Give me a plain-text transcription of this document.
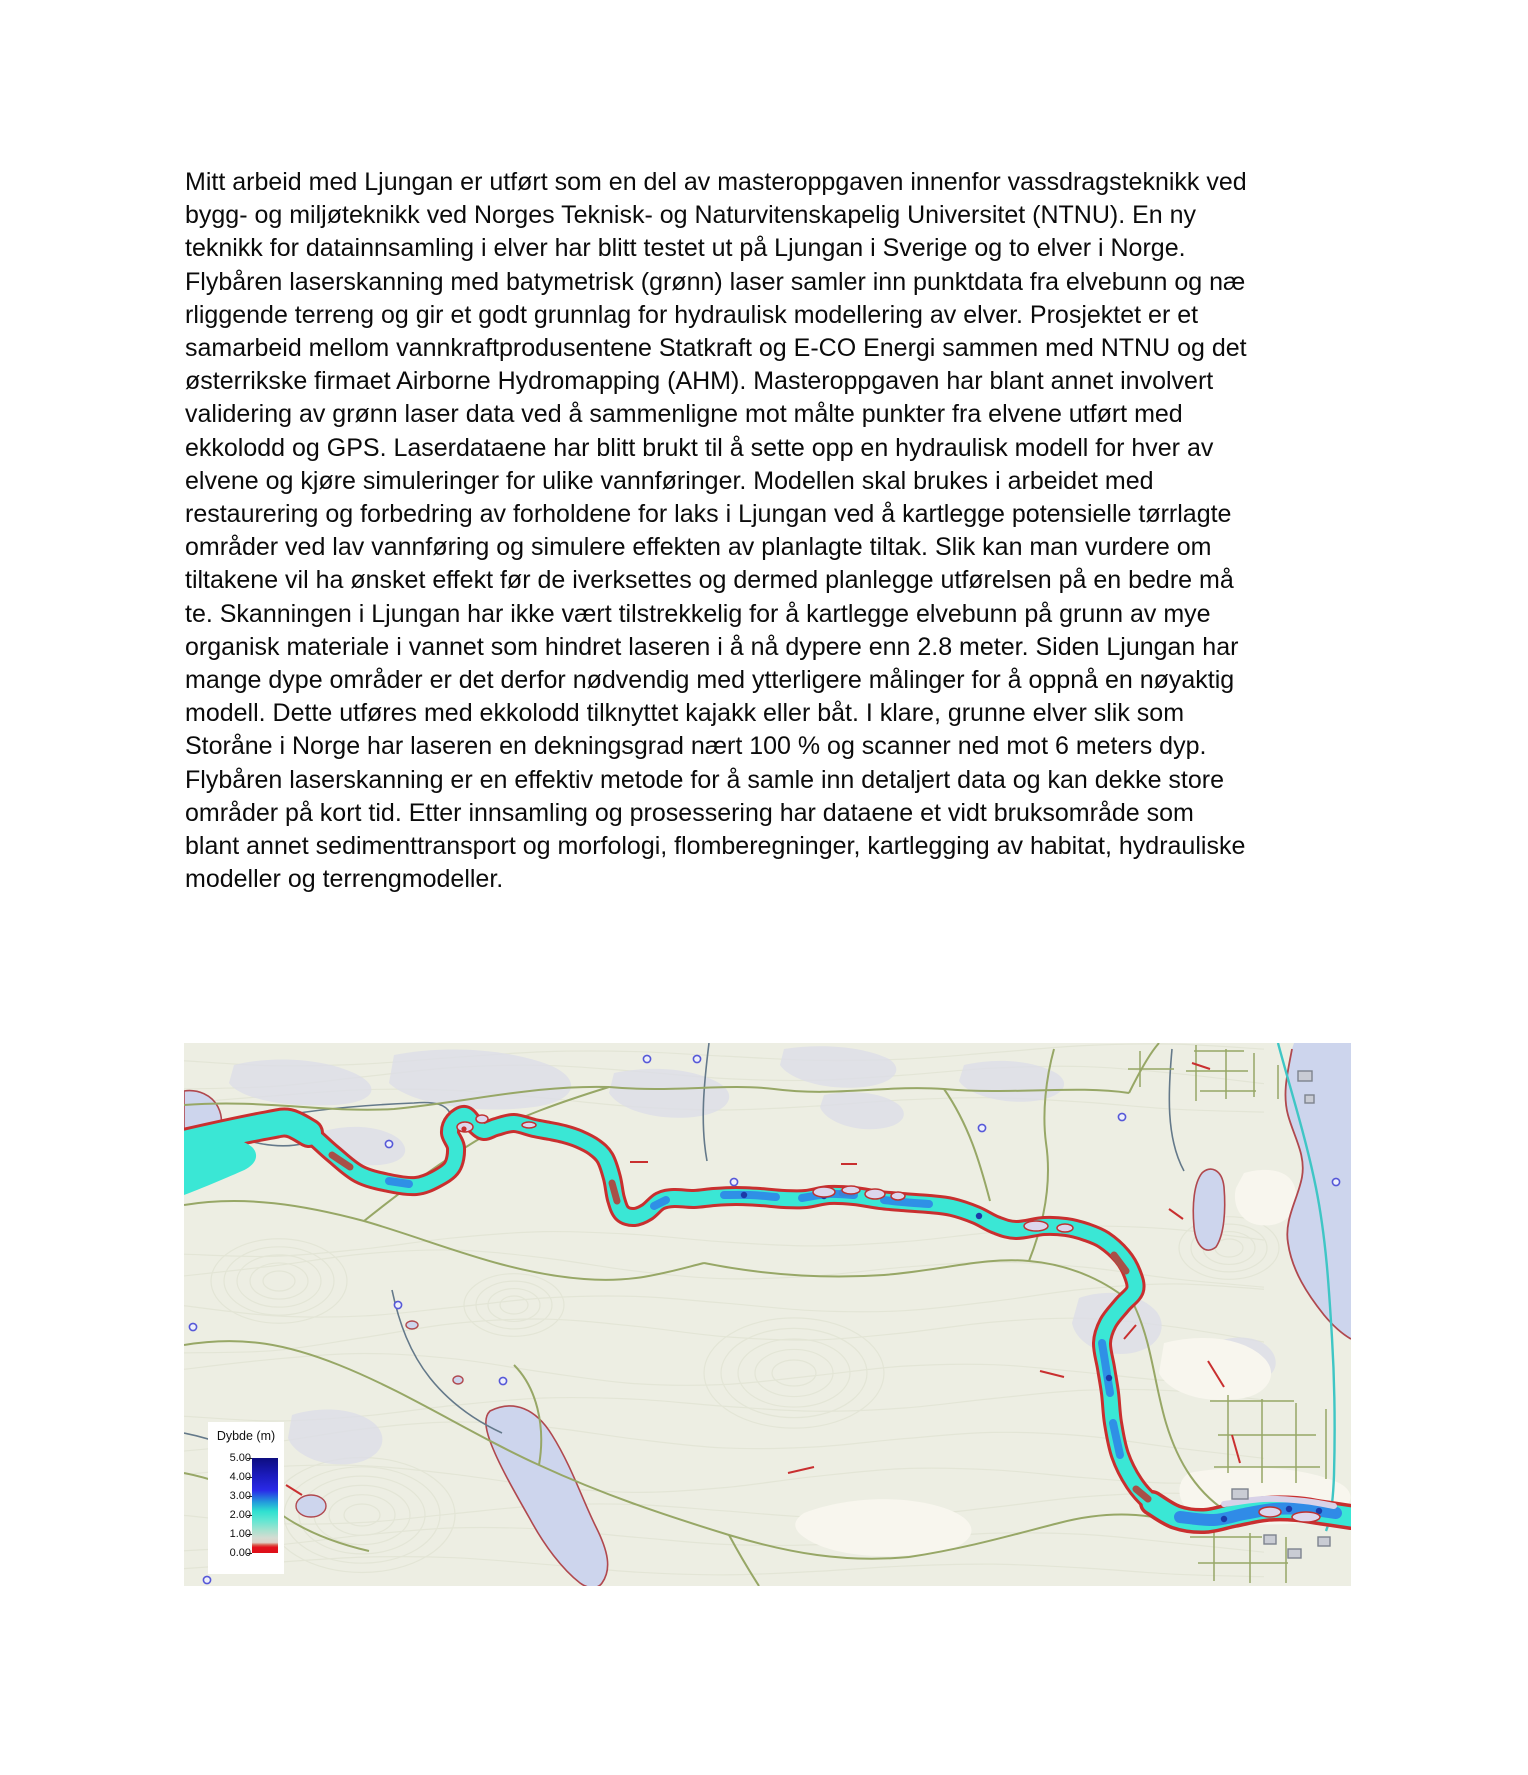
Mitt arbeid med Ljungan er utført som en del av masteroppgaven innenfor vassdragsteknikk ved
bygg- og miljøteknikk ved Norges Teknisk- og Naturvitenskapelig Universitet (NTNU). En ny
teknikk for datainnsamling i elver har blitt testet ut på Ljungan i Sverige og to elver i Norge.
Flybåren laserskanning med batymetrisk (grønn) laser samler inn punktdata fra elvebunn og næ
rliggende terreng og gir et godt grunnlag for hydraulisk modellering av elver. Prosjektet er et
samarbeid mellom vannkraftprodusentene Statkraft og E-CO Energi sammen med NTNU og det
østerrikske firmaet Airborne Hydromapping (AHM). Masteroppgaven har blant annet involvert
validering av grønn laser data ved å sammenligne mot målte punkter fra elvene utført med
ekkolodd og GPS. Laserdataene har blitt brukt til å sette opp en hydraulisk modell for hver av
elvene og kjøre simuleringer for ulike vannføringer. Modellen skal brukes i arbeidet med
restaurering og forbedring av forholdene for laks i Ljungan ved å kartlegge potensielle tørrlagte
områder ved lav vannføring og simulere effekten av planlagte tiltak. Slik kan man vurdere om
tiltakene vil ha ønsket effekt før de iverksettes og dermed planlegge utførelsen på en bedre må
te. Skanningen i Ljungan har ikke vært tilstrekkelig for å kartlegge elvebunn på grunn av mye
organisk materiale i vannet som hindret laseren i å nå dypere enn 2.8 meter. Siden Ljungan har
mange dype områder er det derfor nødvendig med ytterligere målinger for å oppnå en nøyaktig
modell. Dette utføres med ekkolodd tilknyttet kajakk eller båt. I klare, grunne elver slik som
Storåne i Norge har laseren en dekningsgrad nært 100 % og scanner ned mot 6 meters dyp.
Flybåren laserskanning er en effektiv metode for å samle inn detaljert data og kan dekke store
områder på kort tid. Etter innsamling og prosessering har dataene et vidt bruksområde som
blant annet sedimenttransport og morfologi, flomberegninger, kartlegging av habitat, hydrauliske
modeller og terrengmodeller.
Dybde (m)
5.00
4.00
3.00
2.00
1.00
0.00
